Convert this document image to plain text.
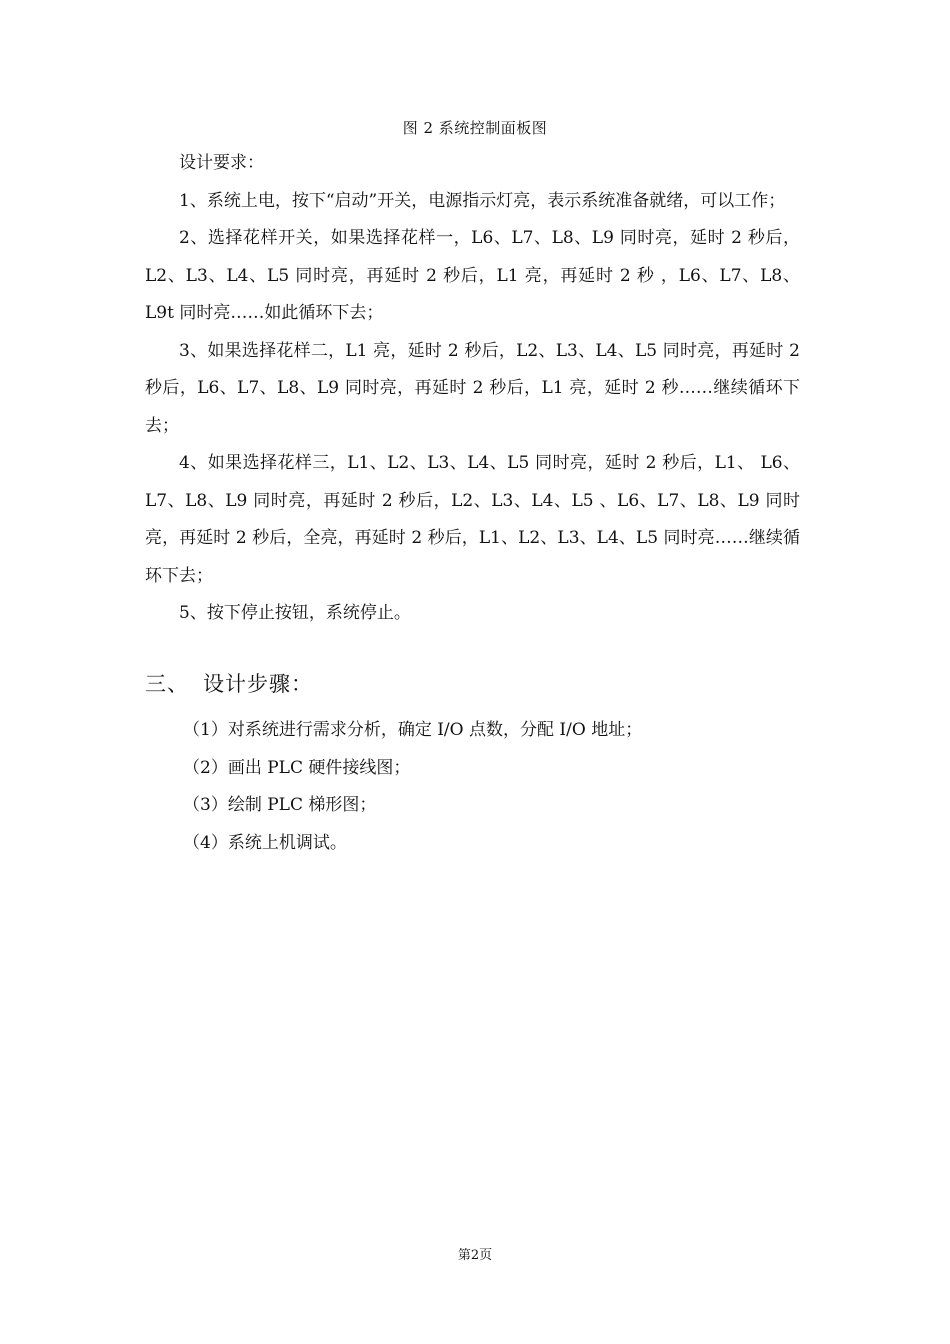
图 2 系统控制面板图

设计要求：

1、系统上电，按下“启动”开关，电源指示灯亮，表示系统准备就绪，可以工作；

2、选择花样开关，如果选择花样一，L6、L7、L8、L9 同时亮，延时 2 秒后，L2、L3、L4、L5 同时亮，再延时 2 秒后，L1 亮，再延时 2 秒 ，L6、L7、L8、L9t 同时亮……如此循环下去；

3、如果选择花样二，L1 亮，延时 2 秒后，L2、L3、L4、L5 同时亮，再延时 2 秒后，L6、L7、L8、L9 同时亮，再延时 2 秒后，L1 亮，延时 2 秒……继续循环下去；

4、如果选择花样三，L1、L2、L3、L4、L5 同时亮，延时 2 秒后，L1、 L6、L7、L8、L9 同时亮，再延时 2 秒后，L2、L3、L4、L5 、L6、L7、L8、L9 同时亮，再延时 2 秒后，全亮，再延时 2 秒后，L1、L2、L3、L4、L5 同时亮……继续循环下去；

5、按下停止按钮，系统停止。

三、 设计步骤：

（1）对系统进行需求分析，确定 I/O 点数，分配 I/O 地址；

（2）画出 PLC 硬件接线图；

（3）绘制 PLC 梯形图；

（4）系统上机调试。

第2页
